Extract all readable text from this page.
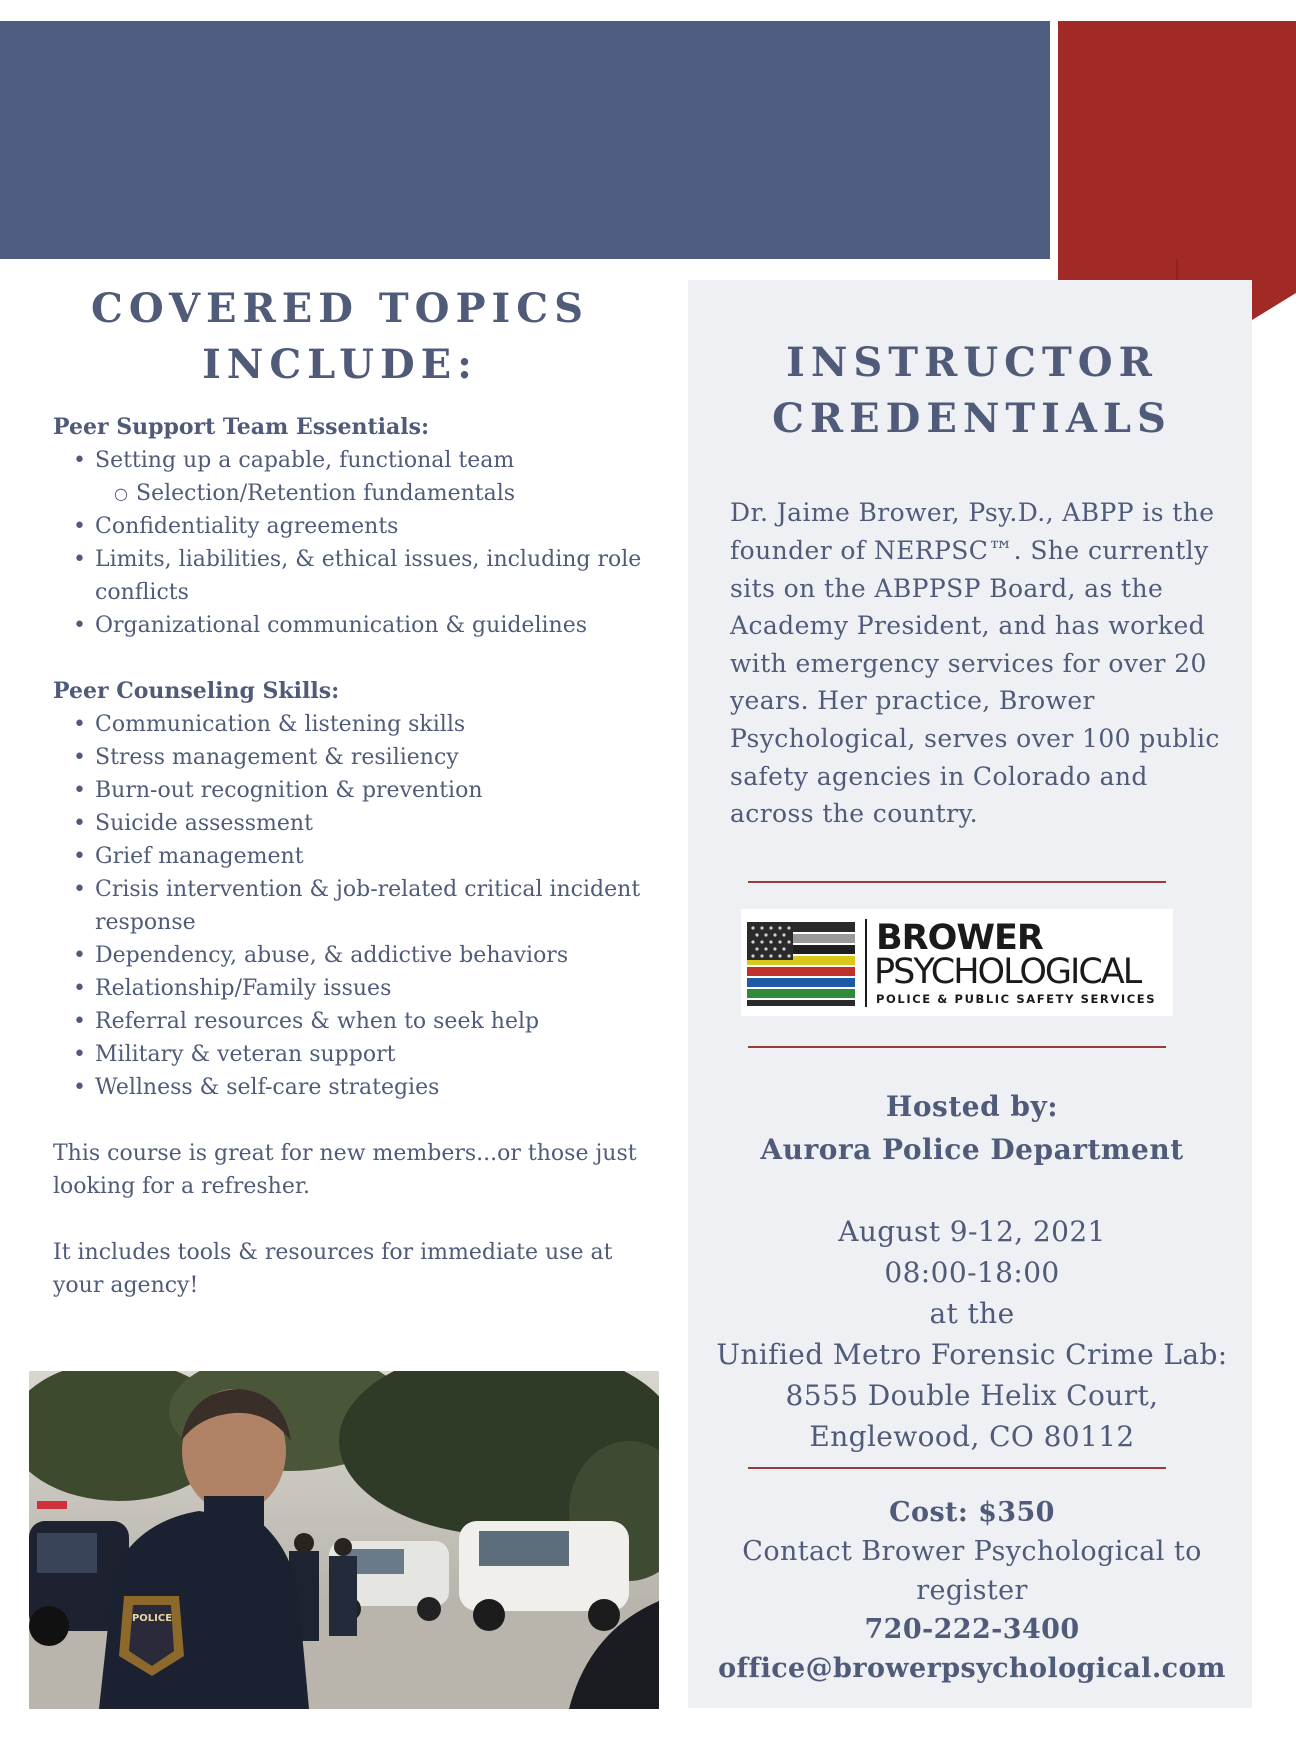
COVERED TOPICS
INCLUDE:

Peer Support Team Essentials:

• Setting up a capable, functional team
○ Selection/Retention fundamentals
• Confidentiality agreements
• Limits, liabilities, & ethical issues, including role conflicts
• Organizational communication & guidelines

Peer Counseling Skills:

• Communication & listening skills
• Stress management & resiliency
• Burn-out recognition & prevention
• Suicide assessment
• Grief management
• Crisis intervention & job-related critical incident response
• Dependency, abuse, & addictive behaviors
• Relationship/Family issues
• Referral resources & when to seek help
• Military & veteran support
• Wellness & self-care strategies

This course is great for new members...or those just looking for a refresher.

It includes tools & resources for immediate use at your agency!

POLICE
INSTRUCTOR
CREDENTIALS

Dr. Jaime Brower, Psy.D., ABPP is the founder of NERPSC™. She currently sits on the ABPPSP Board, as the Academy President, and has worked with emergency services for over 20 years. Her practice, Brower Psychological, serves over 100 public safety agencies in Colorado and across the country.

BROWER
PSYCHOLOGICAL
POLICE & PUBLIC SAFETY SERVICES
Hosted by:
Aurora Police Department
August 9-12, 2021
08:00-18:00
at the
Unified Metro Forensic Crime Lab:
8555 Double Helix Court,
Englewood, CO 80112
Cost: $350
Contact Brower Psychological to register
720-222-3400
office@browerpsychological.com
